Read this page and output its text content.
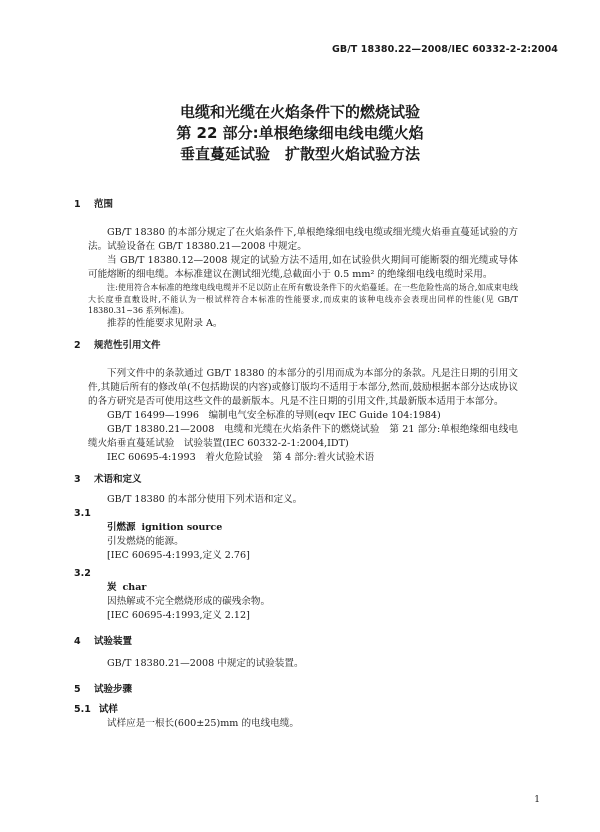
GB/T 18380.22—2008/IEC 60332-2-2:2004
电缆和光缆在火焰条件下的燃烧试验
第 22 部分:单根绝缘细电线电缆火焰
垂直蔓延试验　扩散型火焰试验方法
1 范围

GB/T 18380 的本部分规定了在火焰条件下,单根绝缘细电线电缆或细光缆火焰垂直蔓延试验的方法。试验设备在 GB/T 18380.21—2008 中规定。

当 GB/T 18380.12—2008 规定的试验方法不适用,如在试验供火期间可能断裂的细光缆或导体可能熔断的细电缆。本标准建议在测试细光缆,总截面小于 0.5 mm² 的绝缘细电线电缆时采用。

注:使用符合本标准的绝缘电线电缆并不足以防止在所有敷设条件下的火焰蔓延。在一些危险性高的场合,如成束电线大长度垂直敷设时,不能认为一根试样符合本标准的性能要求,而成束的该种电线亦会表现出同样的性能(见 GB/T 18380.31~36 系列标准)。

推荐的性能要求见附录 A。

2 规范性引用文件

下列文件中的条款通过 GB/T 18380 的本部分的引用而成为本部分的条款。凡是注日期的引用文件,其随后所有的修改单(不包括勘误的内容)或修订版均不适用于本部分,然而,鼓励根据本部分达成协议的各方研究是否可使用这些文件的最新版本。凡是不注日期的引用文件,其最新版本适用于本部分。

GB/T 16499—1996　编制电气安全标准的导则(eqv IEC Guide 104:1984)

GB/T 18380.21—2008　电缆和光缆在火焰条件下的燃烧试验　第 21 部分:单根绝缘细电线电缆火焰垂直蔓延试验　试验装置(IEC 60332-2-1:2004,IDT)

IEC 60695-4:1993　着火危险试验　第 4 部分:着火试验术语

3 术语和定义

GB/T 18380 的本部分使用下列术语和定义。

3.1
引燃源 ignition source

引发燃烧的能源。

[IEC 60695-4:1993,定义 2.76]

3.2
炭 char

因热解或不完全燃烧形成的碳残余物。

[IEC 60695-4:1993,定义 2.12]

4 试验装置

GB/T 18380.21—2008 中规定的试验装置。

5 试验步骤
5.1 试样

试样应是一根长(600±25)mm 的电线电缆。

1
